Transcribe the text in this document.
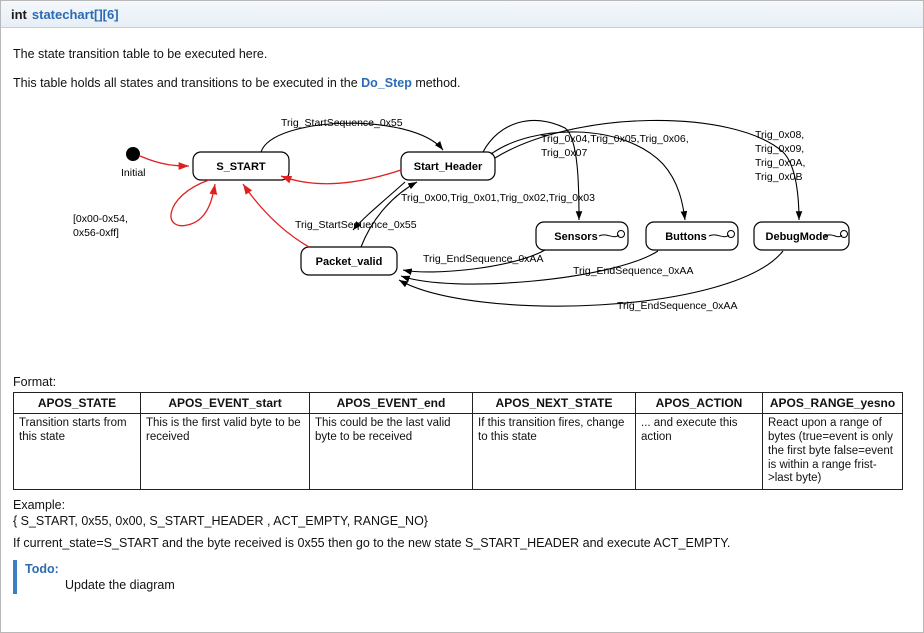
int statechart[][6]
The state transition table to be executed here.
This table holds all states and transitions to be executed in the Do_Step method.
Initial	S_START	Start_Header
Packet_valid
Sensors	Buttons	DebugMode
Trig_StartSequence_0x55
[0x00-0x54,
0x56-0xff]
Trig_0x00,Trig_0x01,Trig_0x02,Trig_0x03
Trig_StartSequence_0x55
Trig_0x04,Trig_0x05,Trig_0x06,
Trig_0x07
Trig_0x08,
Trig_0x09,
Trig_0x0A,
Trig_0x0B
Trig_EndSequence_0xAA
Trig_EndSequence_0xAA
Trig_EndSequence_0xAA
Format:
APOS_STATE	APOS_EVENT_start	APOS_EVENT_end	APOS_NEXT_STATE	APOS_ACTION	APOS_RANGE_yesno
Transition starts from this state	This is the first valid byte to be received	This could be the last valid byte to be received	If this transition fires, change to this state	... and execute this action	React upon a range of bytes (true=event is only the first byte false=event is within a range frist->last byte)
Example:
{ S_START, 0x55, 0x00, S_START_HEADER , ACT_EMPTY, RANGE_NO}
If current_state=S_START and the byte received is 0x55 then go to the new state S_START_HEADER and execute ACT_EMPTY.
Todo:
Update the diagram
